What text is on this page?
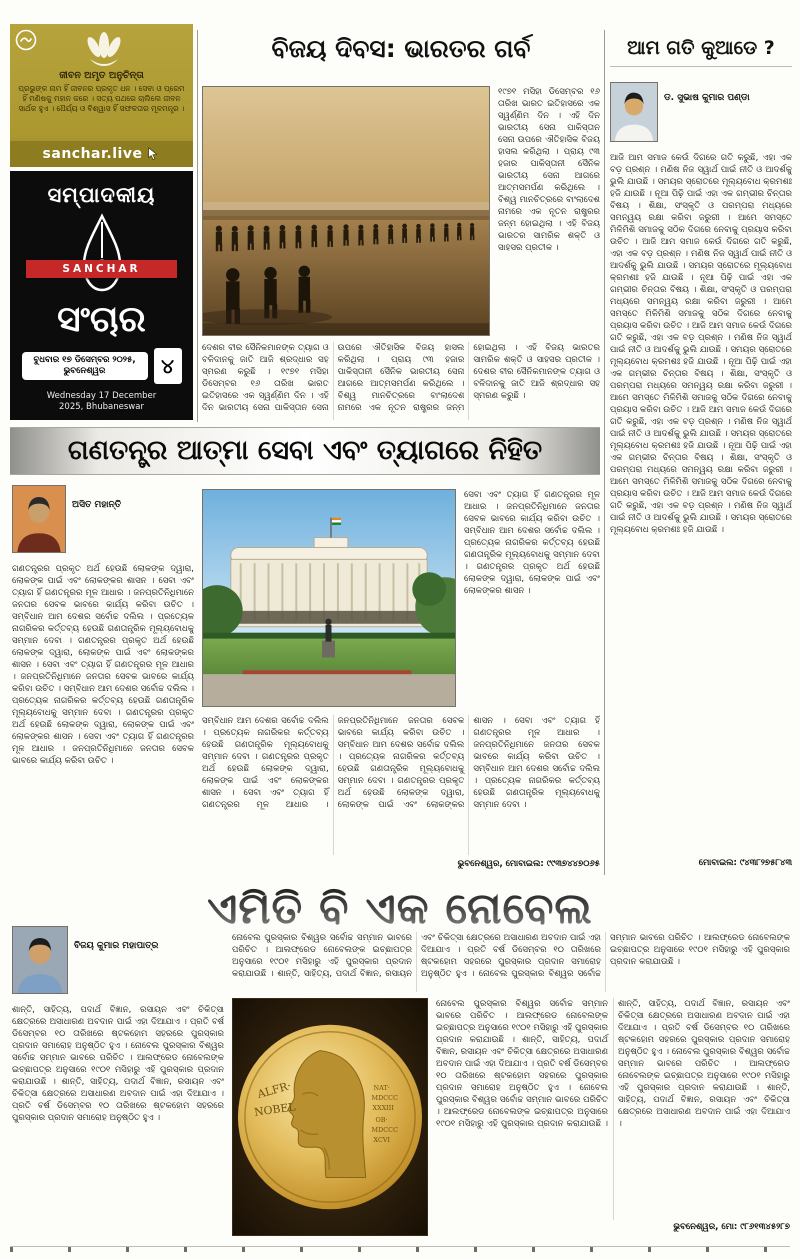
ଜୀବନ ଅମୃତ ଅନୁଚିନ୍ତା
ପ୍ରଭୁଙ୍କ ନାମ ହିଁ ଜୀବନର ପ୍ରକୃତ ଧନ । ସେବା ଓ ପ୍ରେମ ହିଁ ମଣିଷକୁ ମହାନ କରେ । ସତ୍ୟ ପଥରେ ଚାଲିଲେ ଜୀବନ ସାର୍ଥକ ହୁଏ । ଧୈର୍ଯ୍ୟ ଓ ବିଶ୍ୱାସ ହିଁ ସଫଳତାର ମୂଳମନ୍ତ୍ର ।
sanchar.live
ସମ୍ପାଦକୀୟ
SANCHAR
ସଂଚାର
ବୁଧବାର ୧୭ ଡିସେମ୍ବର ୨୦୨୫, ଭୁବନେଶ୍ୱର	୪
Wednesday 17 December 2025, Bhubaneswar
ବିଜୟ ଦିବସ: ଭାରତର ଗର୍ବ
୧୯୭୧ ମସିହା ଡିସେମ୍ବର ୧୬ ତାରିଖ ଭାରତ ଇତିହାସରେ ଏକ ସ୍ୱର୍ଣ୍ଣିମ ଦିନ । ଏହି ଦିନ ଭାରତୀୟ ସେନା ପାକିସ୍ତାନ ସେନା ଉପରେ ଐତିହାସିକ ବିଜୟ ହାସଲ କରିଥିଲା । ପ୍ରାୟ ୯୩ ହଜାର ପାକିସ୍ତାନୀ ସୈନିକ ଭାରତୀୟ ସେନା ଆଗରେ ଆତ୍ମସମର୍ପଣ କରିଥିଲେ । ବିଶ୍ୱ ମାନଚିତ୍ରରେ ବାଂଲାଦେଶ ନାମରେ ଏକ ନୂତନ ରାଷ୍ଟ୍ରର ଜନ୍ମ ହୋଇଥିଲା । ଏହି ବିଜୟ ଭାରତର ସାମରିକ ଶକ୍ତି ଓ ସାହସର ପ୍ରତୀକ ।
ଦେଶର ବୀର ସୈନିକମାନଙ୍କ ତ୍ୟାଗ ଓ ବଳିଦାନକୁ ଜାତି ଆଜି ଶ୍ରଦ୍ଧାର ସହ ସ୍ମରଣ କରୁଛି । ୧୯୭୧ ମସିହା ଡିସେମ୍ବର ୧୬ ତାରିଖ ଭାରତ ଇତିହାସରେ ଏକ ସ୍ୱର୍ଣ୍ଣିମ ଦିନ । ଏହି ଦିନ ଭାରତୀୟ ସେନା ପାକିସ୍ତାନ ସେନା ଉପରେ ଐତିହାସିକ ବିଜୟ ହାସଲ କରିଥିଲା । ପ୍ରାୟ ୯୩ ହଜାର ପାକିସ୍ତାନୀ ସୈନିକ ଭାରତୀୟ ସେନା ଆଗରେ ଆତ୍ମସମର୍ପଣ କରିଥିଲେ । ବିଶ୍ୱ ମାନଚିତ୍ରରେ ବାଂଲାଦେଶ ନାମରେ ଏକ ନୂତନ ରାଷ୍ଟ୍ରର ଜନ୍ମ ହୋଇଥିଲା । ଏହି ବିଜୟ ଭାରତର ସାମରିକ ଶକ୍ତି ଓ ସାହସର ପ୍ରତୀକ । ଦେଶର ବୀର ସୈନିକମାନଙ୍କ ତ୍ୟାଗ ଓ ବଳିଦାନକୁ ଜାତି ଆଜି ଶ୍ରଦ୍ଧାର ସହ ସ୍ମରଣ କରୁଛି ।
ଆମ ଗତି କୁଆଡେ ?
ଡ. ସୁଭାଷ କୁମାର ପଣ୍ଡା
ଆଜି ଆମ ସମାଜ କେଉଁ ଦିଗରେ ଗତି କରୁଛି, ଏହା ଏକ ବଡ଼ ପ୍ରଶ୍ନ । ମଣିଷ ନିଜ ସ୍ୱାର୍ଥ ପାଇଁ ନୀତି ଓ ଆଦର୍ଶକୁ ଭୁଲି ଯାଉଛି । ସମୟର ସ୍ରୋତରେ ମୂଲ୍ୟବୋଧ କ୍ରମଶଃ ହଜି ଯାଉଛି । ନୂଆ ପିଢ଼ି ପାଇଁ ଏହା ଏକ ଗମ୍ଭୀର ଚିନ୍ତାର ବିଷୟ । ଶିକ୍ଷା, ସଂସ୍କୃତି ଓ ପରମ୍ପରା ମଧ୍ୟରେ ସମନ୍ୱୟ ରକ୍ଷା କରିବା ଜରୁରୀ । ଆମେ ସମସ୍ତେ ମିଳିମିଶି ସମାଜକୁ ସଠିକ ଦିଗରେ ନେବାକୁ ପ୍ରୟାସ କରିବା ଉଚିତ । ଆଜି ଆମ ସମାଜ କେଉଁ ଦିଗରେ ଗତି କରୁଛି, ଏହା ଏକ ବଡ଼ ପ୍ରଶ୍ନ । ମଣିଷ ନିଜ ସ୍ୱାର୍ଥ ପାଇଁ ନୀତି ଓ ଆଦର୍ଶକୁ ଭୁଲି ଯାଉଛି । ସମୟର ସ୍ରୋତରେ ମୂଲ୍ୟବୋଧ କ୍ରମଶଃ ହଜି ଯାଉଛି । ନୂଆ ପିଢ଼ି ପାଇଁ ଏହା ଏକ ଗମ୍ଭୀର ଚିନ୍ତାର ବିଷୟ । ଶିକ୍ଷା, ସଂସ୍କୃତି ଓ ପରମ୍ପରା ମଧ୍ୟରେ ସମନ୍ୱୟ ରକ୍ଷା କରିବା ଜରୁରୀ । ଆମେ ସମସ୍ତେ ମିଳିମିଶି ସମାଜକୁ ସଠିକ ଦିଗରେ ନେବାକୁ ପ୍ରୟାସ କରିବା ଉଚିତ । ଆଜି ଆମ ସମାଜ କେଉଁ ଦିଗରେ ଗତି କରୁଛି, ଏହା ଏକ ବଡ଼ ପ୍ରଶ୍ନ । ମଣିଷ ନିଜ ସ୍ୱାର୍ଥ ପାଇଁ ନୀତି ଓ ଆଦର୍ଶକୁ ଭୁଲି ଯାଉଛି । ସମୟର ସ୍ରୋତରେ ମୂଲ୍ୟବୋଧ କ୍ରମଶଃ ହଜି ଯାଉଛି । ନୂଆ ପିଢ଼ି ପାଇଁ ଏହା ଏକ ଗମ୍ଭୀର ଚିନ୍ତାର ବିଷୟ । ଶିକ୍ଷା, ସଂସ୍କୃତି ଓ ପରମ୍ପରା ମଧ୍ୟରେ ସମନ୍ୱୟ ରକ୍ଷା କରିବା ଜରୁରୀ । ଆମେ ସମସ୍ତେ ମିଳିମିଶି ସମାଜକୁ ସଠିକ ଦିଗରେ ନେବାକୁ ପ୍ରୟାସ କରିବା ଉଚିତ । ଆଜି ଆମ ସମାଜ କେଉଁ ଦିଗରେ ଗତି କରୁଛି, ଏହା ଏକ ବଡ଼ ପ୍ରଶ୍ନ । ମଣିଷ ନିଜ ସ୍ୱାର୍ଥ ପାଇଁ ନୀତି ଓ ଆଦର୍ଶକୁ ଭୁଲି ଯାଉଛି । ସମୟର ସ୍ରୋତରେ ମୂଲ୍ୟବୋଧ କ୍ରମଶଃ ହଜି ଯାଉଛି । ନୂଆ ପିଢ଼ି ପାଇଁ ଏହା ଏକ ଗମ୍ଭୀର ଚିନ୍ତାର ବିଷୟ । ଶିକ୍ଷା, ସଂସ୍କୃତି ଓ ପରମ୍ପରା ମଧ୍ୟରେ ସମନ୍ୱୟ ରକ୍ଷା କରିବା ଜରୁରୀ । ଆମେ ସମସ୍ତେ ମିଳିମିଶି ସମାଜକୁ ସଠିକ ଦିଗରେ ନେବାକୁ ପ୍ରୟାସ କରିବା ଉଚିତ । ଆଜି ଆମ ସମାଜ କେଉଁ ଦିଗରେ ଗତି କରୁଛି, ଏହା ଏକ ବଡ଼ ପ୍ରଶ୍ନ । ମଣିଷ ନିଜ ସ୍ୱାର୍ଥ ପାଇଁ ନୀତି ଓ ଆଦର୍ଶକୁ ଭୁଲି ଯାଉଛି । ସମୟର ସ୍ରୋତରେ ମୂଲ୍ୟବୋଧ କ୍ରମଶଃ ହଜି ଯାଉଛି ।
ମୋବାଇଲ: ୯୪୩୮୨୭୫୮୪୩
ଗଣତନ୍ତ୍ର ଆତ୍ମା ସେବା ଏବଂ ତ୍ୟାଗରେ ନିହିତ
ଅସିତ ମହାନ୍ତି
ଗଣତନ୍ତ୍ରର ପ୍ରକୃତ ଅର୍ଥ ହେଉଛି ଲୋକଙ୍କ ଦ୍ୱାରା, ଲୋକଙ୍କ ପାଇଁ ଏବଂ ଲୋକଙ୍କର ଶାସନ । ସେବା ଏବଂ ତ୍ୟାଗ ହିଁ ଗଣତନ୍ତ୍ରର ମୂଳ ଆଧାର । ଜନପ୍ରତିନିଧିମାନେ ଜନତାର ସେବକ ଭାବରେ କାର୍ଯ୍ୟ କରିବା ଉଚିତ । ସମ୍ବିଧାନ ଆମ ଦେଶର ସର୍ବୋଚ୍ଚ ଦଲିଲ । ପ୍ରତ୍ୟେକ ନାଗରିକର କର୍ତ୍ତବ୍ୟ ହେଉଛି ଗଣତାନ୍ତ୍ରିକ ମୂଲ୍ୟବୋଧକୁ ସମ୍ମାନ ଦେବା । ଗଣତନ୍ତ୍ରର ପ୍ରକୃତ ଅର୍ଥ ହେଉଛି ଲୋକଙ୍କ ଦ୍ୱାରା, ଲୋକଙ୍କ ପାଇଁ ଏବଂ ଲୋକଙ୍କର ଶାସନ । ସେବା ଏବଂ ତ୍ୟାଗ ହିଁ ଗଣତନ୍ତ୍ରର ମୂଳ ଆଧାର । ଜନପ୍ରତିନିଧିମାନେ ଜନତାର ସେବକ ଭାବରେ କାର୍ଯ୍ୟ କରିବା ଉଚିତ । ସମ୍ବିଧାନ ଆମ ଦେଶର ସର୍ବୋଚ୍ଚ ଦଲିଲ । ପ୍ରତ୍ୟେକ ନାଗରିକର କର୍ତ୍ତବ୍ୟ ହେଉଛି ଗଣତାନ୍ତ୍ରିକ ମୂଲ୍ୟବୋଧକୁ ସମ୍ମାନ ଦେବା । ଗଣତନ୍ତ୍ରର ପ୍ରକୃତ ଅର୍ଥ ହେଉଛି ଲୋକଙ୍କ ଦ୍ୱାରା, ଲୋକଙ୍କ ପାଇଁ ଏବଂ ଲୋକଙ୍କର ଶାସନ । ସେବା ଏବଂ ତ୍ୟାଗ ହିଁ ଗଣତନ୍ତ୍ରର ମୂଳ ଆଧାର । ଜନପ୍ରତିନିଧିମାନେ ଜନତାର ସେବକ ଭାବରେ କାର୍ଯ୍ୟ କରିବା ଉଚିତ ।
ସେବା ଏବଂ ତ୍ୟାଗ ହିଁ ଗଣତନ୍ତ୍ରର ମୂଳ ଆଧାର । ଜନପ୍ରତିନିଧିମାନେ ଜନତାର ସେବକ ଭାବରେ କାର୍ଯ୍ୟ କରିବା ଉଚିତ । ସମ୍ବିଧାନ ଆମ ଦେଶର ସର୍ବୋଚ୍ଚ ଦଲିଲ । ପ୍ରତ୍ୟେକ ନାଗରିକର କର୍ତ୍ତବ୍ୟ ହେଉଛି ଗଣତାନ୍ତ୍ରିକ ମୂଲ୍ୟବୋଧକୁ ସମ୍ମାନ ଦେବା । ଗଣତନ୍ତ୍ରର ପ୍ରକୃତ ଅର୍ଥ ହେଉଛି ଲୋକଙ୍କ ଦ୍ୱାରା, ଲୋକଙ୍କ ପାଇଁ ଏବଂ ଲୋକଙ୍କର ଶାସନ ।
ସମ୍ବିଧାନ ଆମ ଦେଶର ସର୍ବୋଚ୍ଚ ଦଲିଲ । ପ୍ରତ୍ୟେକ ନାଗରିକର କର୍ତ୍ତବ୍ୟ ହେଉଛି ଗଣତାନ୍ତ୍ରିକ ମୂଲ୍ୟବୋଧକୁ ସମ୍ମାନ ଦେବା । ଗଣତନ୍ତ୍ରର ପ୍ରକୃତ ଅର୍ଥ ହେଉଛି ଲୋକଙ୍କ ଦ୍ୱାରା, ଲୋକଙ୍କ ପାଇଁ ଏବଂ ଲୋକଙ୍କର ଶାସନ । ସେବା ଏବଂ ତ୍ୟାଗ ହିଁ ଗଣତନ୍ତ୍ରର ମୂଳ ଆଧାର । ଜନପ୍ରତିନିଧିମାନେ ଜନତାର ସେବକ ଭାବରେ କାର୍ଯ୍ୟ କରିବା ଉଚିତ । ସମ୍ବିଧାନ ଆମ ଦେଶର ସର୍ବୋଚ୍ଚ ଦଲିଲ । ପ୍ରତ୍ୟେକ ନାଗରିକର କର୍ତ୍ତବ୍ୟ ହେଉଛି ଗଣତାନ୍ତ୍ରିକ ମୂଲ୍ୟବୋଧକୁ ସମ୍ମାନ ଦେବା । ଗଣତନ୍ତ୍ରର ପ୍ରକୃତ ଅର୍ଥ ହେଉଛି ଲୋକଙ୍କ ଦ୍ୱାରା, ଲୋକଙ୍କ ପାଇଁ ଏବଂ ଲୋକଙ୍କର ଶାସନ । ସେବା ଏବଂ ତ୍ୟାଗ ହିଁ ଗଣତନ୍ତ୍ରର ମୂଳ ଆଧାର । ଜନପ୍ରତିନିଧିମାନେ ଜନତାର ସେବକ ଭାବରେ କାର୍ଯ୍ୟ କରିବା ଉଚିତ । ସମ୍ବିଧାନ ଆମ ଦେଶର ସର୍ବୋଚ୍ଚ ଦଲିଲ । ପ୍ରତ୍ୟେକ ନାଗରିକର କର୍ତ୍ତବ୍ୟ ହେଉଛି ଗଣତାନ୍ତ୍ରିକ ମୂଲ୍ୟବୋଧକୁ ସମ୍ମାନ ଦେବା ।
ଭୁବନେଶ୍ୱର, ମୋବାଇଲ: ୯୯୩୭୪୪୭୦୬୫
ଏମିତି ବି ଏକ ନୋବେଲ
ବିଜୟ କୁମାର ମହାପାତ୍ର
ଶାନ୍ତି, ସାହିତ୍ୟ, ପଦାର୍ଥ ବିଜ୍ଞାନ, ରସାୟନ ଏବଂ ଚିକିତ୍ସା କ୍ଷେତ୍ରରେ ଅସାଧାରଣ ଅବଦାନ ପାଇଁ ଏହା ଦିଆଯାଏ । ପ୍ରତି ବର୍ଷ ଡିସେମ୍ବର ୧୦ ତାରିଖରେ ଷ୍ଟକହୋମ ସହରରେ ପୁରସ୍କାର ପ୍ରଦାନ ସମାରୋହ ଅନୁଷ୍ଠିତ ହୁଏ । ନୋବେଲ ପୁରସ୍କାର ବିଶ୍ୱର ସର୍ବୋଚ୍ଚ ସମ୍ମାନ ଭାବରେ ପରିଚିତ । ଆଲଫ୍ରେଡ ନୋବେଲଙ୍କ ଇଚ୍ଛାପତ୍ର ଅନୁସାରେ ୧୯୦୧ ମସିହାରୁ ଏହି ପୁରସ୍କାର ପ୍ରଦାନ କରାଯାଉଛି । ଶାନ୍ତି, ସାହିତ୍ୟ, ପଦାର୍ଥ ବିଜ୍ଞାନ, ରସାୟନ ଏବଂ ଚିକିତ୍ସା କ୍ଷେତ୍ରରେ ଅସାଧାରଣ ଅବଦାନ ପାଇଁ ଏହା ଦିଆଯାଏ । ପ୍ରତି ବର୍ଷ ଡିସେମ୍ବର ୧୦ ତାରିଖରେ ଷ୍ଟକହୋମ ସହରରେ ପୁରସ୍କାର ପ୍ରଦାନ ସମାରୋହ ଅନୁଷ୍ଠିତ ହୁଏ ।
ନୋବେଲ ପୁରସ୍କାର ବିଶ୍ୱର ସର୍ବୋଚ୍ଚ ସମ୍ମାନ ଭାବରେ ପରିଚିତ । ଆଲଫ୍ରେଡ ନୋବେଲଙ୍କ ଇଚ୍ଛାପତ୍ର ଅନୁସାରେ ୧୯୦୧ ମସିହାରୁ ଏହି ପୁରସ୍କାର ପ୍ରଦାନ କରାଯାଉଛି । ଶାନ୍ତି, ସାହିତ୍ୟ, ପଦାର୍ଥ ବିଜ୍ଞାନ, ରସାୟନ ଏବଂ ଚିକିତ୍ସା କ୍ଷେତ୍ରରେ ଅସାଧାରଣ ଅବଦାନ ପାଇଁ ଏହା ଦିଆଯାଏ । ପ୍ରତି ବର୍ଷ ଡିସେମ୍ବର ୧୦ ତାରିଖରେ ଷ୍ଟକହୋମ ସହରରେ ପୁରସ୍କାର ପ୍ରଦାନ ସମାରୋହ ଅନୁଷ୍ଠିତ ହୁଏ । ନୋବେଲ ପୁରସ୍କାର ବିଶ୍ୱର ସର୍ବୋଚ୍ଚ ସମ୍ମାନ ଭାବରେ ପରିଚିତ । ଆଲଫ୍ରେଡ ନୋବେଲଙ୍କ ଇଚ୍ଛାପତ୍ର ଅନୁସାରେ ୧୯୦୧ ମସିହାରୁ ଏହି ପୁରସ୍କାର ପ୍ରଦାନ କରାଯାଉଛି ।
ALFR·
NOBEL
NAT·
MDCCC
XXXIII
OB·
MDCCC
XCVI
ନୋବେଲ ପୁରସ୍କାର ବିଶ୍ୱର ସର୍ବୋଚ୍ଚ ସମ୍ମାନ ଭାବରେ ପରିଚିତ । ଆଲଫ୍ରେଡ ନୋବେଲଙ୍କ ଇଚ୍ଛାପତ୍ର ଅନୁସାରେ ୧୯୦୧ ମସିହାରୁ ଏହି ପୁରସ୍କାର ପ୍ରଦାନ କରାଯାଉଛି । ଶାନ୍ତି, ସାହିତ୍ୟ, ପଦାର୍ଥ ବିଜ୍ଞାନ, ରସାୟନ ଏବଂ ଚିକିତ୍ସା କ୍ଷେତ୍ରରେ ଅସାଧାରଣ ଅବଦାନ ପାଇଁ ଏହା ଦିଆଯାଏ । ପ୍ରତି ବର୍ଷ ଡିସେମ୍ବର ୧୦ ତାରିଖରେ ଷ୍ଟକହୋମ ସହରରେ ପୁରସ୍କାର ପ୍ରଦାନ ସମାରୋହ ଅନୁଷ୍ଠିତ ହୁଏ । ନୋବେଲ ପୁରସ୍କାର ବିଶ୍ୱର ସର୍ବୋଚ୍ଚ ସମ୍ମାନ ଭାବରେ ପରିଚିତ । ଆଲଫ୍ରେଡ ନୋବେଲଙ୍କ ଇଚ୍ଛାପତ୍ର ଅନୁସାରେ ୧୯୦୧ ମସିହାରୁ ଏହି ପୁରସ୍କାର ପ୍ରଦାନ କରାଯାଉଛି । ଶାନ୍ତି, ସାହିତ୍ୟ, ପଦାର୍ଥ ବିଜ୍ଞାନ, ରସାୟନ ଏବଂ ଚିକିତ୍ସା କ୍ଷେତ୍ରରେ ଅସାଧାରଣ ଅବଦାନ ପାଇଁ ଏହା ଦିଆଯାଏ । ପ୍ରତି ବର୍ଷ ଡିସେମ୍ବର ୧୦ ତାରିଖରେ ଷ୍ଟକହୋମ ସହରରେ ପୁରସ୍କାର ପ୍ରଦାନ ସମାରୋହ ଅନୁଷ୍ଠିତ ହୁଏ । ନୋବେଲ ପୁରସ୍କାର ବିଶ୍ୱର ସର୍ବୋଚ୍ଚ ସମ୍ମାନ ଭାବରେ ପରିଚିତ । ଆଲଫ୍ରେଡ ନୋବେଲଙ୍କ ଇଚ୍ଛାପତ୍ର ଅନୁସାରେ ୧୯୦୧ ମସିହାରୁ ଏହି ପୁରସ୍କାର ପ୍ରଦାନ କରାଯାଉଛି । ଶାନ୍ତି, ସାହିତ୍ୟ, ପଦାର୍ଥ ବିଜ୍ଞାନ, ରସାୟନ ଏବଂ ଚିକିତ୍ସା କ୍ଷେତ୍ରରେ ଅସାଧାରଣ ଅବଦାନ ପାଇଁ ଏହା ଦିଆଯାଏ ।
ଭୁବନେଶ୍ୱର, ମୋ: ୯୮୬୧୩୪୫୨୮୭
